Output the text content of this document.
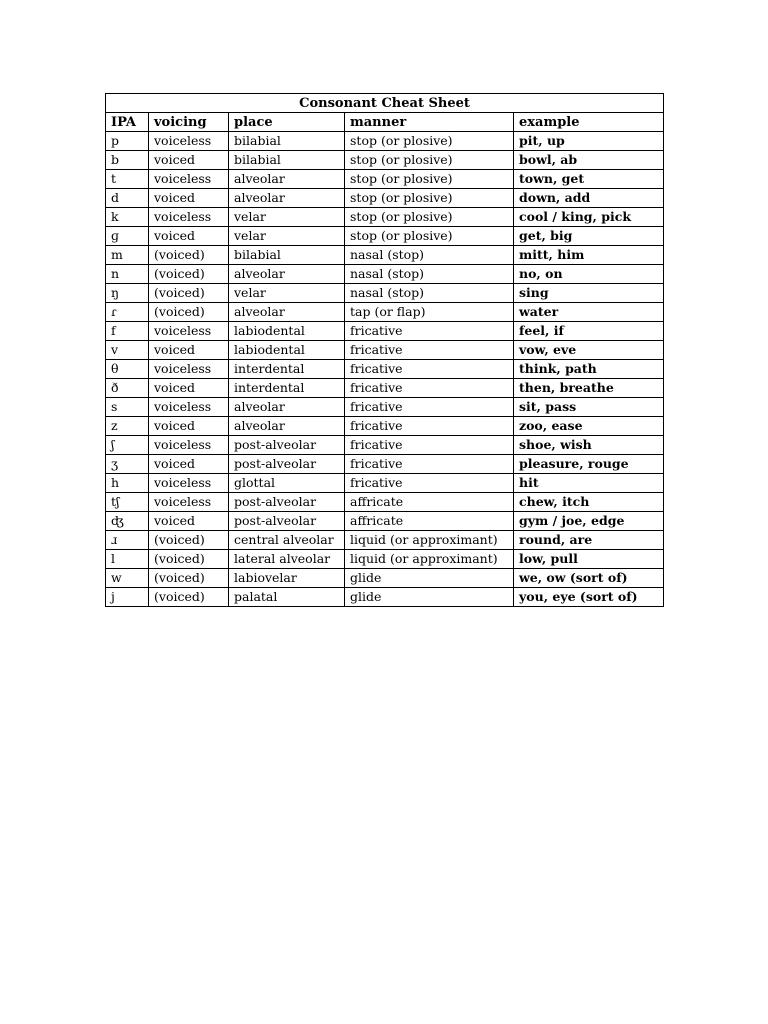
Consonant Cheat Sheet				
IPA	voicing	place	manner	example
p	voiceless	bilabial	stop (or plosive)	pit, up
b	voiced	bilabial	stop (or plosive)	bowl, ab
t	voiceless	alveolar	stop (or plosive)	town, get
d	voiced	alveolar	stop (or plosive)	down, add
k	voiceless	velar	stop (or plosive)	cool / king, pick
ɡ	voiced	velar	stop (or plosive)	get, big
m	(voiced)	bilabial	nasal (stop)	mitt, him
n	(voiced)	alveolar	nasal (stop)	no, on
ŋ	(voiced)	velar	nasal (stop)	sing
ɾ	(voiced)	alveolar	tap (or flap)	water
f	voiceless	labiodental	fricative	feel, if
v	voiced	labiodental	fricative	vow, eve
θ	voiceless	interdental	fricative	think, path
ð	voiced	interdental	fricative	then, breathe
s	voiceless	alveolar	fricative	sit, pass
z	voiced	alveolar	fricative	zoo, ease
ʃ	voiceless	post-alveolar	fricative	shoe, wish
ʒ	voiced	post-alveolar	fricative	pleasure, rouge
h	voiceless	glottal	fricative	hit
tʃ	voiceless	post-alveolar	affricate	chew, itch
ʤ	voiced	post-alveolar	affricate	gym / joe, edge
ɹ	(voiced)	central alveolar	liquid (or approximant)	round, are
l	(voiced)	lateral alveolar	liquid (or approximant)	low, pull
w	(voiced)	labiovelar	glide	we, ow (sort of)
j	(voiced)	palatal	glide	you, eye (sort of)
